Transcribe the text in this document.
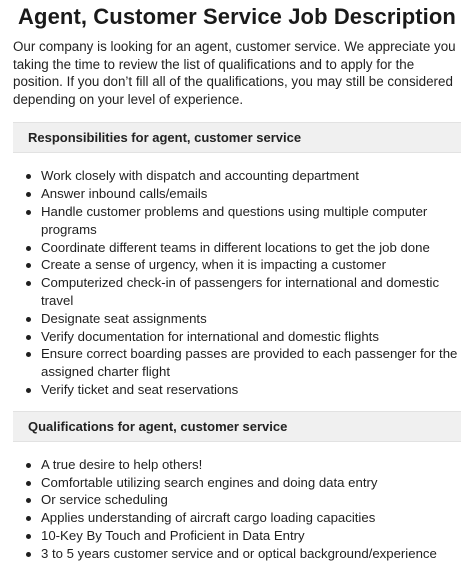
Agent, Customer Service Job Description

Our company is looking for an agent, customer service. We appreciate you taking the time to review the list of qualifications and to apply for the position. If you don’t fill all of the qualifications, you may still be considered depending on your level of experience.

Responsibilities for agent, customer service
Work closely with dispatch and accounting department
Answer inbound calls/emails
Handle customer problems and questions using multiple computer programs
Coordinate different teams in different locations to get the job done
Create a sense of urgency, when it is impacting a customer
Computerized check-in of passengers for international and domestic travel
Designate seat assignments
Verify documentation for international and domestic flights
Ensure correct boarding passes are provided to each passenger for the assigned charter flight
Verify ticket and seat reservations
Qualifications for agent, customer service
A true desire to help others!
Comfortable utilizing search engines and doing data entry
Or service scheduling
Applies understanding of aircraft cargo loading capacities
10-Key By Touch and Proficient in Data Entry
3 to 5 years customer service and or optical background/experience
